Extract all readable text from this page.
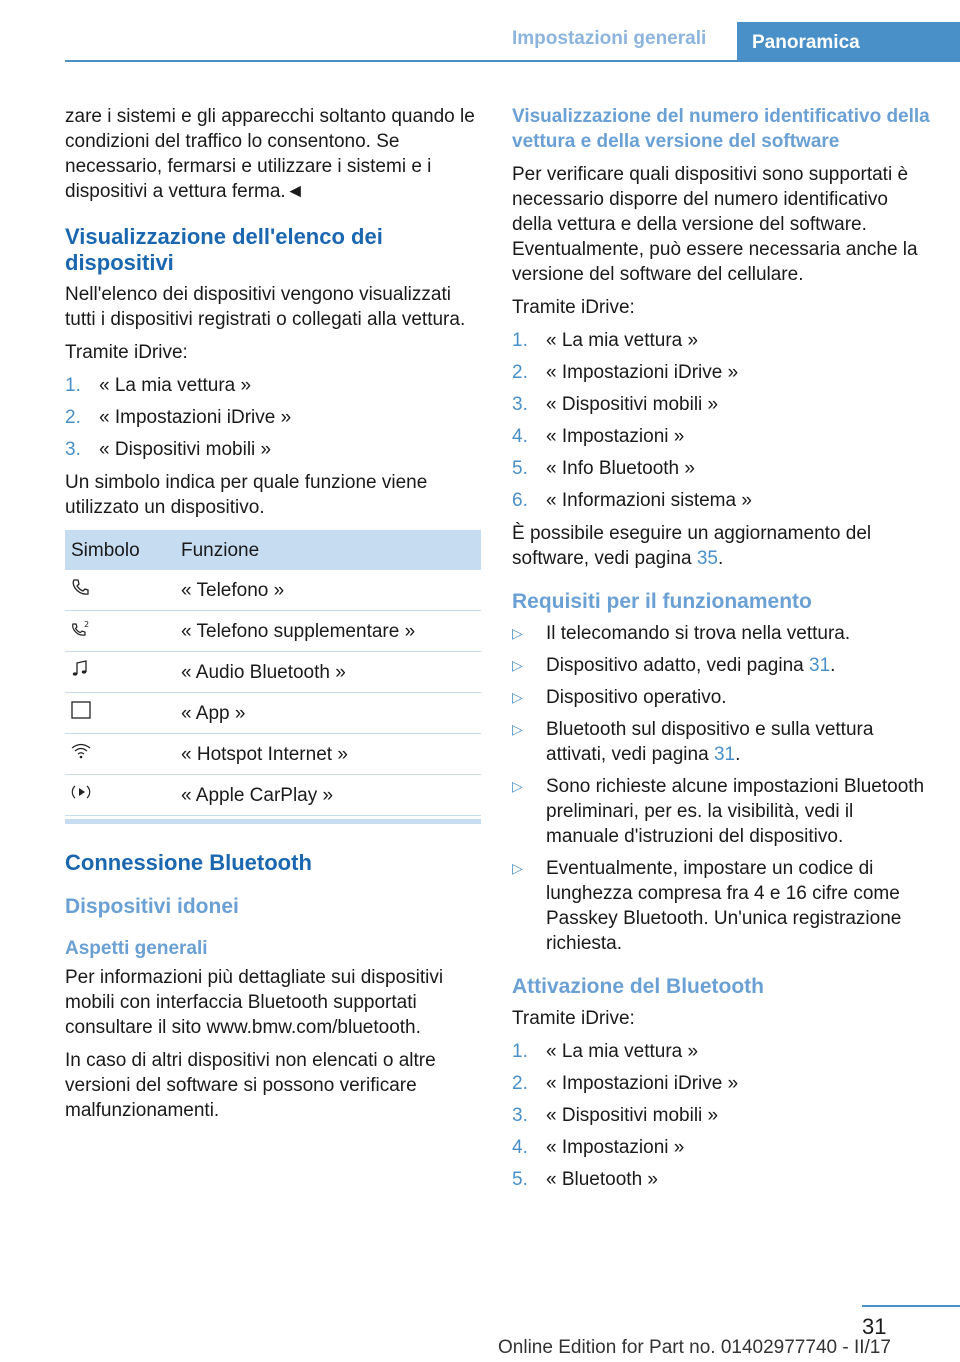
Impostazioni generali	Panoramica

zare i sistemi e gli apparecchi soltanto quando le condizioni del traffico lo consentono. Se necessario, fermarsi e utilizzare i sistemi e i dispositivi a vettura ferma.◄

Visualizzazione dell'elenco dei dispositivi

Nell'elenco dei dispositivi vengono visualizzati tutti i dispositivi registrati o collegati alla vettura.

Tramite iDrive:

1. « La mia vettura »
2. « Impostazioni iDrive »
3. « Dispositivi mobili »

Un simbolo indica per quale funzione viene utilizzato un dispositivo.

Simbolo	Funzione
	« Telefono »

2	« Telefono supplementare »
	« Audio Bluetooth »
	« App »
	« Hotspot Internet »
	« Apple CarPlay »
Connessione Bluetooth
Dispositivi idonei
Aspetti generali

Per informazioni più dettagliate sui dispositivi mobili con interfaccia Bluetooth supportati consultare il sito www.bmw.com/bluetooth.

In caso di altri dispositivi non elencati o altre versioni del software si possono verificare malfunzionamenti.

Visualizzazione del numero identificativo della vettura e della versione del software

Per verificare quali dispositivi sono supportati è necessario disporre del numero identificativo della vettura e della versione del software. Eventualmente, può essere necessaria anche la versione del software del cellulare.

Tramite iDrive:

1. « La mia vettura »
2. « Impostazioni iDrive »
3. « Dispositivi mobili »
4. « Impostazioni »
5. « Info Bluetooth »
6. « Informazioni sistema »

È possibile eseguire un aggiornamento del software, vedi pagina 35.

Requisiti per il funzionamento
▷ Il telecomando si trova nella vettura.
▷ Dispositivo adatto, vedi pagina 31.
▷ Dispositivo operativo.
▷ Bluetooth sul dispositivo e sulla vettura attivati, vedi pagina 31.
▷ Sono richieste alcune impostazioni Bluetooth preliminari, per es. la visibilità, vedi il manuale d'istruzioni del dispositivo.
▷ Eventualmente, impostare un codice di lunghezza compresa fra 4 e 16 cifre come Passkey Bluetooth. Un'unica registrazione richiesta.
Attivazione del Bluetooth

Tramite iDrive:

1. « La mia vettura »
2. « Impostazioni iDrive »
3. « Dispositivi mobili »
4. « Impostazioni »
5. « Bluetooth »
31
Online Edition for Part no. 01402977740 - II/17
